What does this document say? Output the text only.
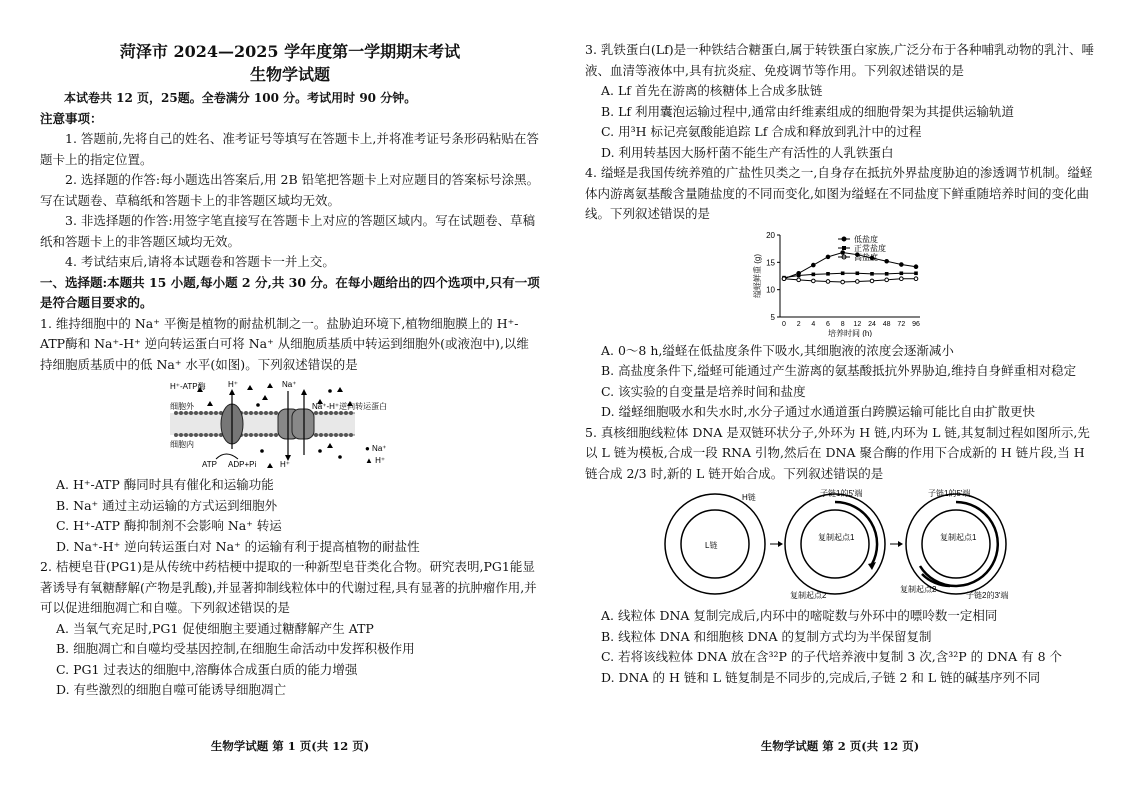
菏泽市 2024—2025 学年度第一学期期末考试

生物学试题

本试卷共 12 页，25题。全卷满分 100 分。考试用时 90 分钟。

注意事项：

1. 答题前,先将自己的姓名、准考证号等填写在答题卡上,并将准考证号条形码粘贴在答题卡上的指定位置。

2. 选择题的作答:每小题选出答案后,用 2B 铅笔把答题卡上对应题目的答案标号涂黑。写在试题卷、草稿纸和答题卡上的非答题区域均无效。

3. 非选择题的作答:用签字笔直接写在答题卡上对应的答题区域内。写在试题卷、草稿纸和答题卡上的非答题区域均无效。

4. 考试结束后,请将本试题卷和答题卡一并上交。

一、选择题:本题共 15 小题,每小题 2 分,共 30 分。在每小题给出的四个选项中,只有一项是符合题目要求的。

1. 维持细胞中的 Na⁺ 平衡是植物的耐盐机制之一。盐胁迫环境下,植物细胞膜上的 H⁺-ATP酶和 Na⁺-H⁺ 逆向转运蛋白可将 Na⁺ 从细胞质基质中转运到细胞外(或液泡中),以维持细胞质基质中的低 Na⁺ 水平(如图)。下列叙述错误的是

H⁺-ATP酶	H⁺	Na⁺
Na⁺-H⁺逆向转运蛋白
细胞外
细胞内
ATP ADP+Pi	H⁺
● Na⁺
▲ H⁺

A. H⁺-ATP 酶同时具有催化和运输功能

B. Na⁺ 通过主动运输的方式运到细胞外

C. H⁺-ATP 酶抑制剂不会影响 Na⁺ 转运

D. Na⁺-H⁺ 逆向转运蛋白对 Na⁺ 的运输有利于提高植物的耐盐性

2. 桔梗皂苷(PG1)是从传统中药桔梗中提取的一种新型皂苷类化合物。研究表明,PG1能显著诱导有氧糖酵解(产物是乳酸),并显著抑制线粒体中的代谢过程,具有显著的抗肿瘤作用,并可以促进细胞凋亡和自噬。下列叙述错误的是

A. 当氧气充足时,PG1 促使细胞主要通过糖酵解产生 ATP

B. 细胞凋亡和自噬均受基因控制,在细胞生命活动中发挥积极作用

C. PG1 过表达的细胞中,溶酶体合成蛋白质的能力增强

D. 有些激烈的细胞自噬可能诱导细胞凋亡

生物学试题 第 1 页(共 12 页)

3. 乳铁蛋白(Lf)是一种铁结合糖蛋白,属于转铁蛋白家族,广泛分布于各种哺乳动物的乳汁、唾液、血清等液体中,具有抗炎症、免疫调节等作用。下列叙述错误的是

A. Lf 首先在游离的核糖体上合成多肽链

B. Lf 利用囊泡运输过程中,通常由纤维素组成的细胞骨架为其提供运输轨道

C. 用³H 标记亮氨酸能追踪 Lf 合成和释放到乳汁中的过程

D. 利用转基因大肠杆菌不能生产有活性的人乳铁蛋白

4. 缢蛏是我国传统养殖的广盐性贝类之一,自身存在抵抗外界盐度胁迫的渗透调节机制。缢蛏体内游离氨基酸含量随盐度的不同而变化,如图为缢蛏在不同盐度下鲜重随培养时间的变化曲线。下列叙述错误的是

5
10
15
20
0 2 4 6 8 12 24 48 72 96
培养时间 (h)
缢蛏鲜重 (g)
低盐度
正常盐度
高盐度

A. 0～8 h,缢蛏在低盐度条件下吸水,其细胞液的浓度会逐渐减小

B. 高盐度条件下,缢蛏可能通过产生游离的氨基酸抵抗外界胁迫,维持自身鲜重相对稳定

C. 该实验的自变量是培养时间和盐度

D. 缢蛏细胞吸水和失水时,水分子通过水通道蛋白跨膜运输可能比自由扩散更快

5. 真核细胞线粒体 DNA 是双链环状分子,外环为 H 链,内环为 L 链,其复制过程如图所示,先以 L 链为模板,合成一段 RNA 引物,然后在 DNA 聚合酶的作用下合成新的 H 链片段,当 H 链合成 2/3 时,新的 L 链开始合成。下列叙述错误的是

L链
H链
复制起点1
复制起点2
子链1的5'端
复制起点1
子链1的5'端
复制起点2
子链2的3'端

A. 线粒体 DNA 复制完成后,内环中的嘧啶数与外环中的嘌呤数一定相同

B. 线粒体 DNA 和细胞核 DNA 的复制方式均为半保留复制

C. 若将该线粒体 DNA 放在含³²P 的子代培养液中复制 3 次,含³²P 的 DNA 有 8 个

D. DNA 的 H 链和 L 链复制是不同步的,完成后,子链 2 和 L 链的碱基序列不同

生物学试题 第 2 页(共 12 页)
